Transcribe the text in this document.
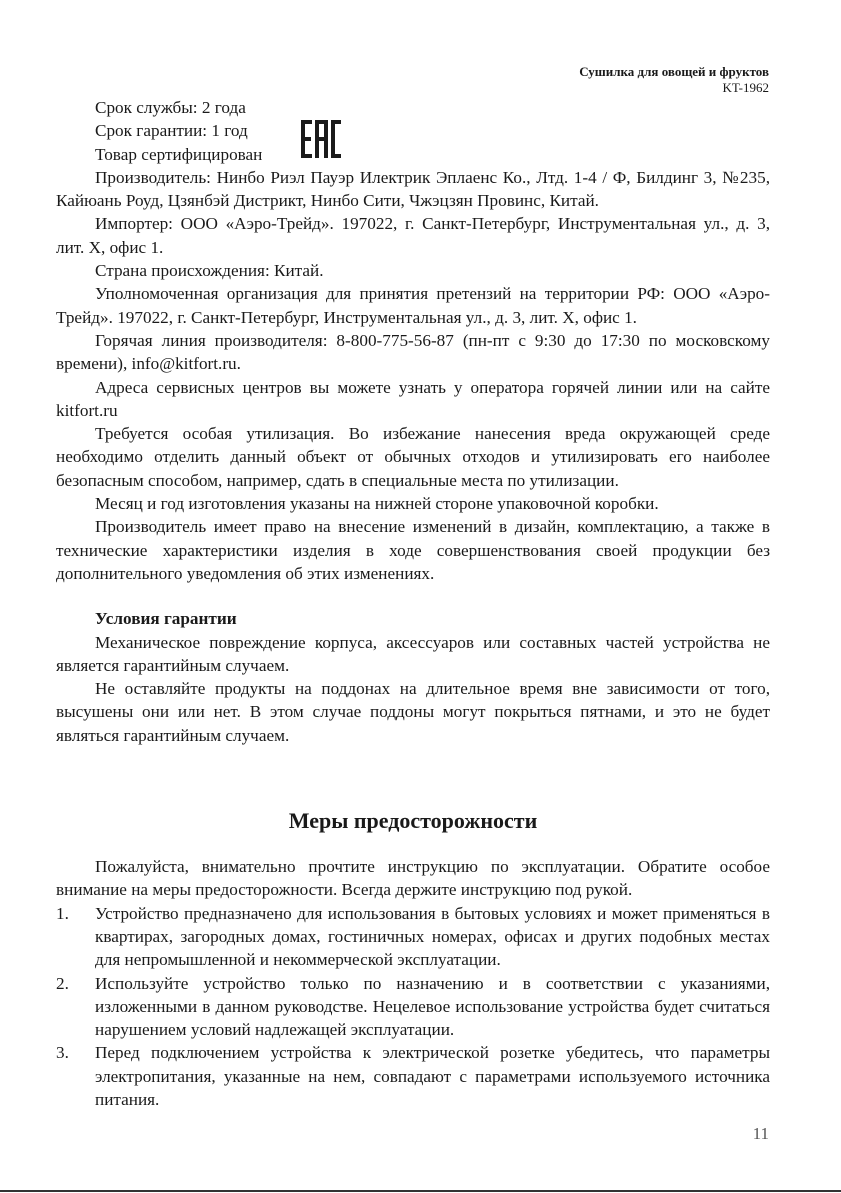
Сушилка для овощей и фруктов
KT-1962

Срок службы: 2 года

Срок гарантии: 1 год

Товар сертифицирован

Производитель: Нинбо Риэл Пауэр Илектрик Эплаенс Ко., Лтд. 1-4 / Ф, Билдинг 3, №235, Кайюань Роуд, Цзянбэй Дистрикт, Нинбо Сити, Чжэцзян Провинс, Китай.

Импортер: ООО «Аэро-Трейд». 197022, г. Санкт-Петербург, Инструментальная ул., д. 3, лит. Х, офис 1.

Страна происхождения: Китай.

Уполномоченная организация для принятия претензий на территории РФ: ООО «Аэро-Трейд». 197022, г. Санкт-Петербург, Инструментальная ул., д. 3, лит. Х, офис 1.

Горячая линия производителя: 8-800-775-56-87 (пн-пт с 9:30 до 17:30 по московскому времени), info@kitfort.ru.

Адреса сервисных центров вы можете узнать у оператора горячей линии или на сайте kitfort.ru

Требуется особая утилизация. Во избежание нанесения вреда окружающей среде необходимо отделить данный объект от обычных отходов и утилизировать его наиболее безопасным способом, например, сдать в специальные места по утилизации.

Месяц и год изготовления указаны на нижней стороне упаковочной коробки.

Производитель имеет право на внесение изменений в дизайн, комплектацию, а также в технические характеристики изделия в ходе совершенствования своей продукции без дополнительного уведомления об этих изменениях.

Условия гарантии

Механическое повреждение корпуса, аксессуаров или составных частей устройства не является гарантийным случаем.

Не оставляйте продукты на поддонах на длительное время вне зависимости от того, высушены они или нет. В этом случае поддоны могут покрыться пятнами, и это не будет являться гарантийным случаем.

Меры предосторожности

Пожалуйста, внимательно прочтите инструкцию по эксплуатации. Обратите особое внимание на меры предосторожности. Всегда держите инструкцию под рукой.

1. Устройство предназначено для использования в бытовых условиях и может применяться в квартирах, загородных домах, гостиничных номерах, офисах и других подобных местах для непромышленной и некоммерческой эксплуатации.
2. Используйте устройство только по назначению и в соответствии с указаниями, изложенными в данном руководстве. Нецелевое использование устройства будет считаться нарушением условий надлежащей эксплуатации.
3. Перед подключением устройства к электрической розетке убедитесь, что параметры электропитания, указанные на нем, совпадают с параметрами используемого источника питания.
11
